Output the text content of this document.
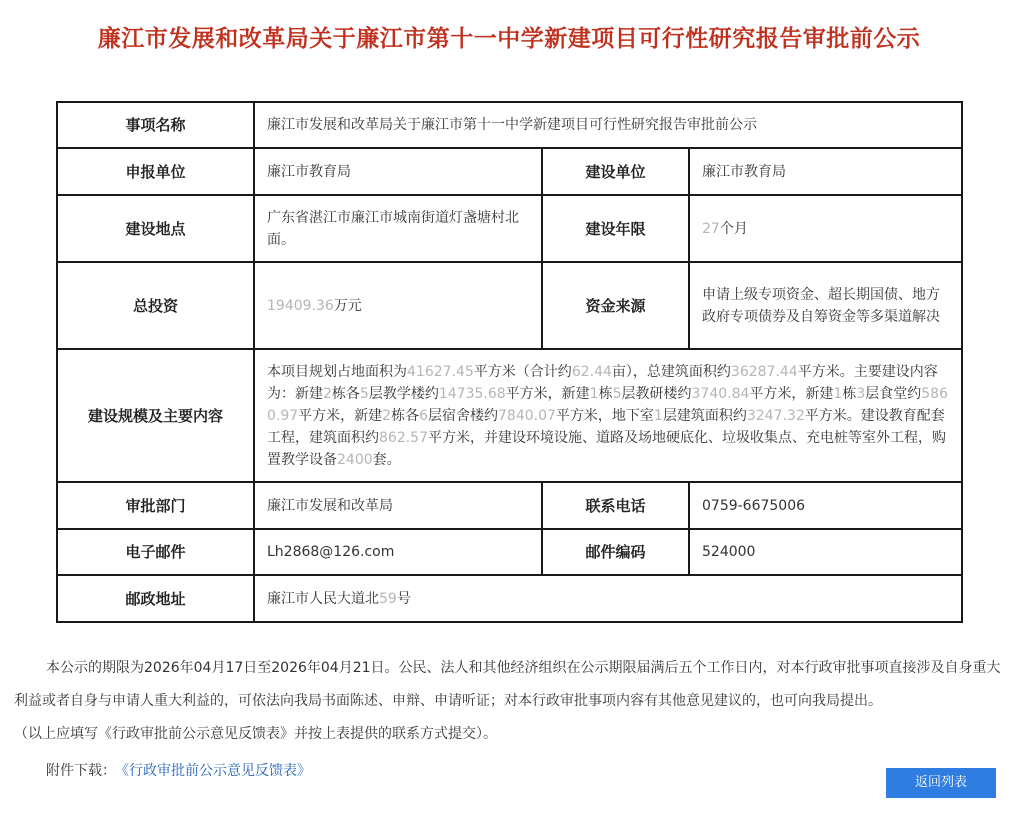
廉江市发展和改革局关于廉江市第十一中学新建项目可行性研究报告审批前公示
事项名称	廉江市发展和改革局关于廉江市第十一中学新建项目可行性研究报告审批前公示		
申报单位	廉江市教育局	建设单位	廉江市教育局
建设地点	广东省湛江市廉江市城南街道灯盏塘村北面。	建设年限	27个月
总投资	19409.36万元	资金来源	申请上级专项资金、超长期国债、地方政府专项债券及自筹资金等多渠道解决
建设规模及主要内容	本项目规划占地面积为41627.45平方米（合计约62.44亩），总建筑面积约36287.44平方米。主要建设内容为：新建2栋各5层教学楼约14735.68平方米，新建1栋5层教研楼约3740.84平方米，新建1栋3层食堂约5860.97平方米，新建2栋各6层宿舍楼约7840.07平方米，地下室1层建筑面积约3247.32平方米。建设教育配套工程，建筑面积约862.57平方米，并建设环境设施、道路及场地硬底化、垃圾收集点、充电桩等室外工程，购置教学设备2400套。		
审批部门	廉江市发展和改革局	联系电话	0759-6675006
电子邮件	Lh2868@126.com	邮件编码	524000
邮政地址	廉江市人民大道北59号		

本公示的期限为2026年04月17日至2026年04月21日。公民、法人和其他经济组织在公示期限届满后五个工作日内，对本行政审批事项直接涉及自身重大利益或者自身与申请人重大利益的，可依法向我局书面陈述、申辩、申请听证；对本行政审批事项内容有其他意见建议的，也可向我局提出。

（以上应填写《行政审批前公示意见反馈表》并按上表提供的联系方式提交）。

附件下载： 《行政审批前公示意见反馈表》
返回列表
